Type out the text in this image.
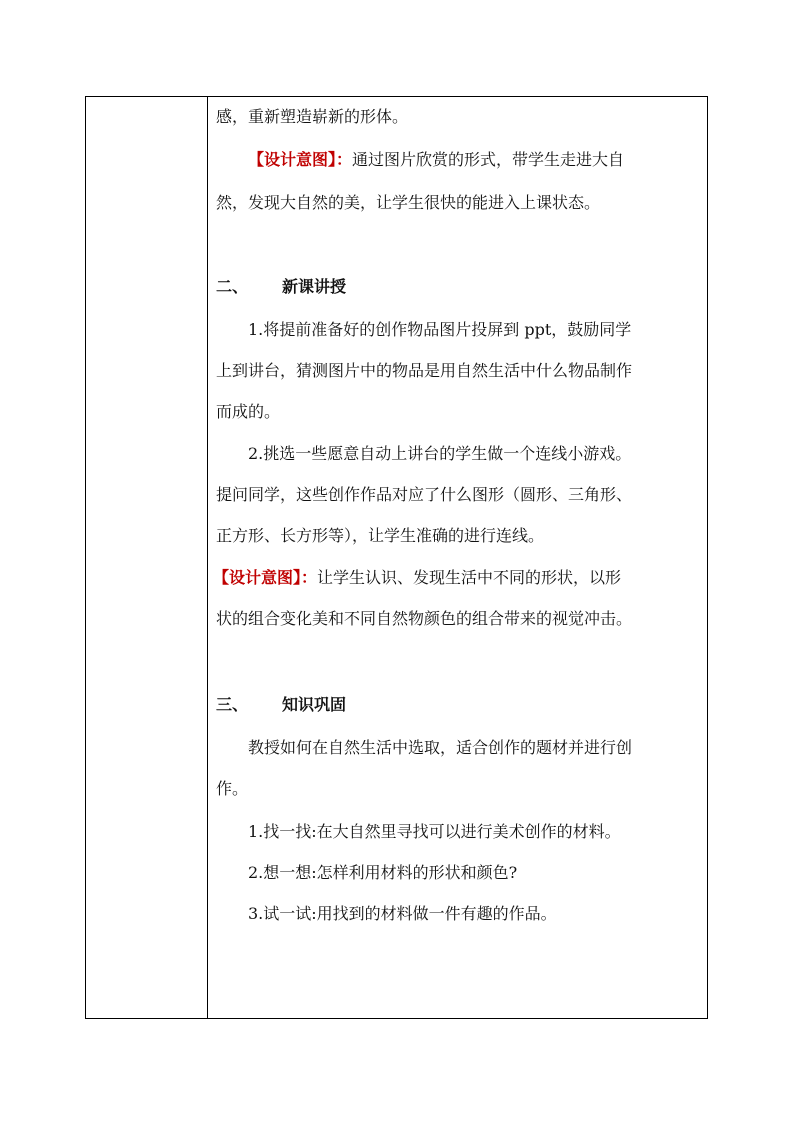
感，重新塑造崭新的形体。
【设计意图】：通过图片欣赏的形式，带学生走进大自
然，发现大自然的美，让学生很快的能进入上课状态。
二、 新课讲授
1.将提前准备好的创作物品图片投屏到 ppt，鼓励同学
上到讲台，猜测图片中的物品是用自然生活中什么物品制作
而成的。
2.挑选一些愿意自动上讲台的学生做一个连线小游戏。
提问同学，这些创作作品对应了什么图形（圆形、三角形、
正方形、长方形等），让学生准确的进行连线。
【设计意图】：让学生认识、发现生活中不同的形状，以形
状的组合变化美和不同自然物颜色的组合带来的视觉冲击。
三、 知识巩固
教授如何在自然生活中选取，适合创作的题材并进行创
作。
1.找一找:在大自然里寻找可以进行美术创作的材料。
2.想一想:怎样利用材料的形状和颜色?
3.试一试:用找到的材料做一件有趣的作品。
